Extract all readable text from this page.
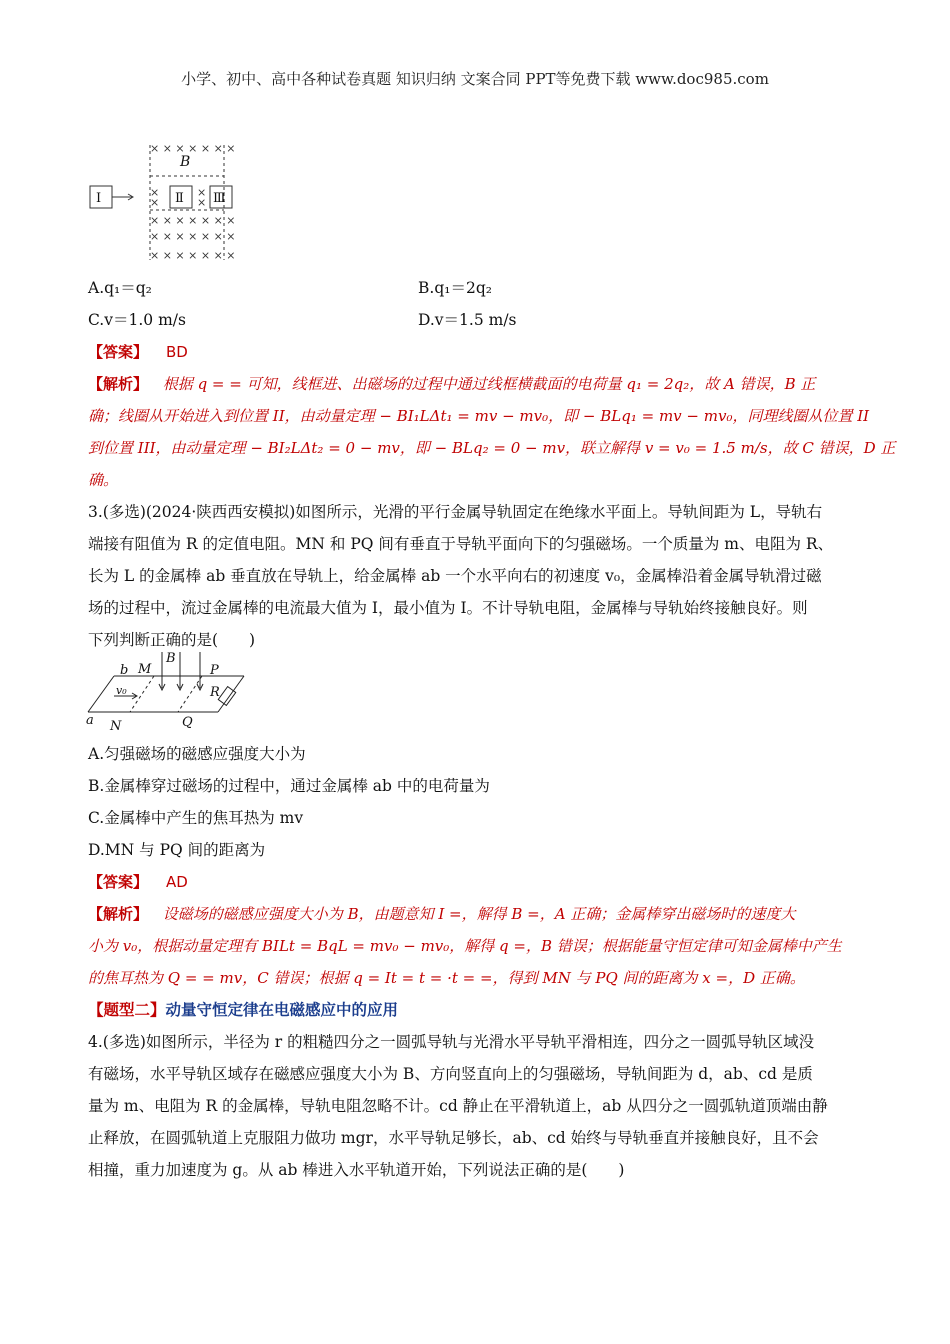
小学、初中、高中各种试卷真题 知识归纳 文案合同 PPT等免费下载 www.doc985.com
× × × × × × ×
×	×
×	×
× × × × × × ×
× × × × × × ×
× × × × × × ×
B
Ⅰ	Ⅱ Ⅲ
A.q₁＝q₂	B.q₁＝2q₂
C.v＝1.0 m/s	D.v＝1.5 m/s
【答案】 BD
【解析】 根据 q = = 可知，线框进、出磁场的过程中通过线框横截面的电荷量 q₁ = 2q₂，故 A 错误，B 正
确；线圈从开始进入到位置 II，由动量定理 − BI₁LΔt₁ = mv − mv₀，即 − BLq₁ = mv − mv₀，同理线圈从位置 II
到位置 III，由动量定理 − BI₂LΔt₂ = 0 − mv，即 − BLq₂ = 0 − mv，联立解得 v = v₀ = 1.5 m/s，故 C 错误，D 正
确。
3.(多选)(2024·陕西西安模拟)如图所示，光滑的平行金属导轨固定在绝缘水平面上。导轨间距为 L，导轨右
端接有阻值为 R 的定值电阻。MN 和 PQ 间有垂直于导轨平面向下的匀强磁场。一个质量为 m、电阻为 R、
长为 L 的金属棒 ab 垂直放在导轨上，给金属棒 ab 一个水平向右的初速度 v₀，金属棒沿着金属导轨滑过磁
场的过程中，流过金属棒的电流最大值为 I，最小值为 I。不计导轨电阻，金属棒与导轨始终接触良好。则
下列判断正确的是(　　)
B
P
R
M
b
v₀
a N	Q
A.匀强磁场的磁感应强度大小为
B.金属棒穿过磁场的过程中，通过金属棒 ab 中的电荷量为
C.金属棒中产生的焦耳热为 mv
D.MN 与 PQ 间的距离为
【答案】 AD
【解析】 设磁场的磁感应强度大小为 B，由题意知 I =，解得 B =，A 正确；金属棒穿出磁场时的速度大
小为 v₀，根据动量定理有 BILt = BqL = mv₀ − mv₀，解得 q =，B 错误；根据能量守恒定律可知金属棒中产生
的焦耳热为 Q = = mv，C 错误；根据 q = It = t = ·t = =，得到 MN 与 PQ 间的距离为 x =，D 正确。
【题型二】动量守恒定律在电磁感应中的应用
4.(多选)如图所示，半径为 r 的粗糙四分之一圆弧导轨与光滑水平导轨平滑相连，四分之一圆弧导轨区域没
有磁场，水平导轨区域存在磁感应强度大小为 B、方向竖直向上的匀强磁场，导轨间距为 d，ab、cd 是质
量为 m、电阻为 R 的金属棒，导轨电阻忽略不计。cd 静止在平滑轨道上，ab 从四分之一圆弧轨道顶端由静
止释放，在圆弧轨道上克服阻力做功 mgr，水平导轨足够长，ab、cd 始终与导轨垂直并接触良好，且不会
相撞，重力加速度为 g。从 ab 棒进入水平轨道开始，下列说法正确的是(　　)
